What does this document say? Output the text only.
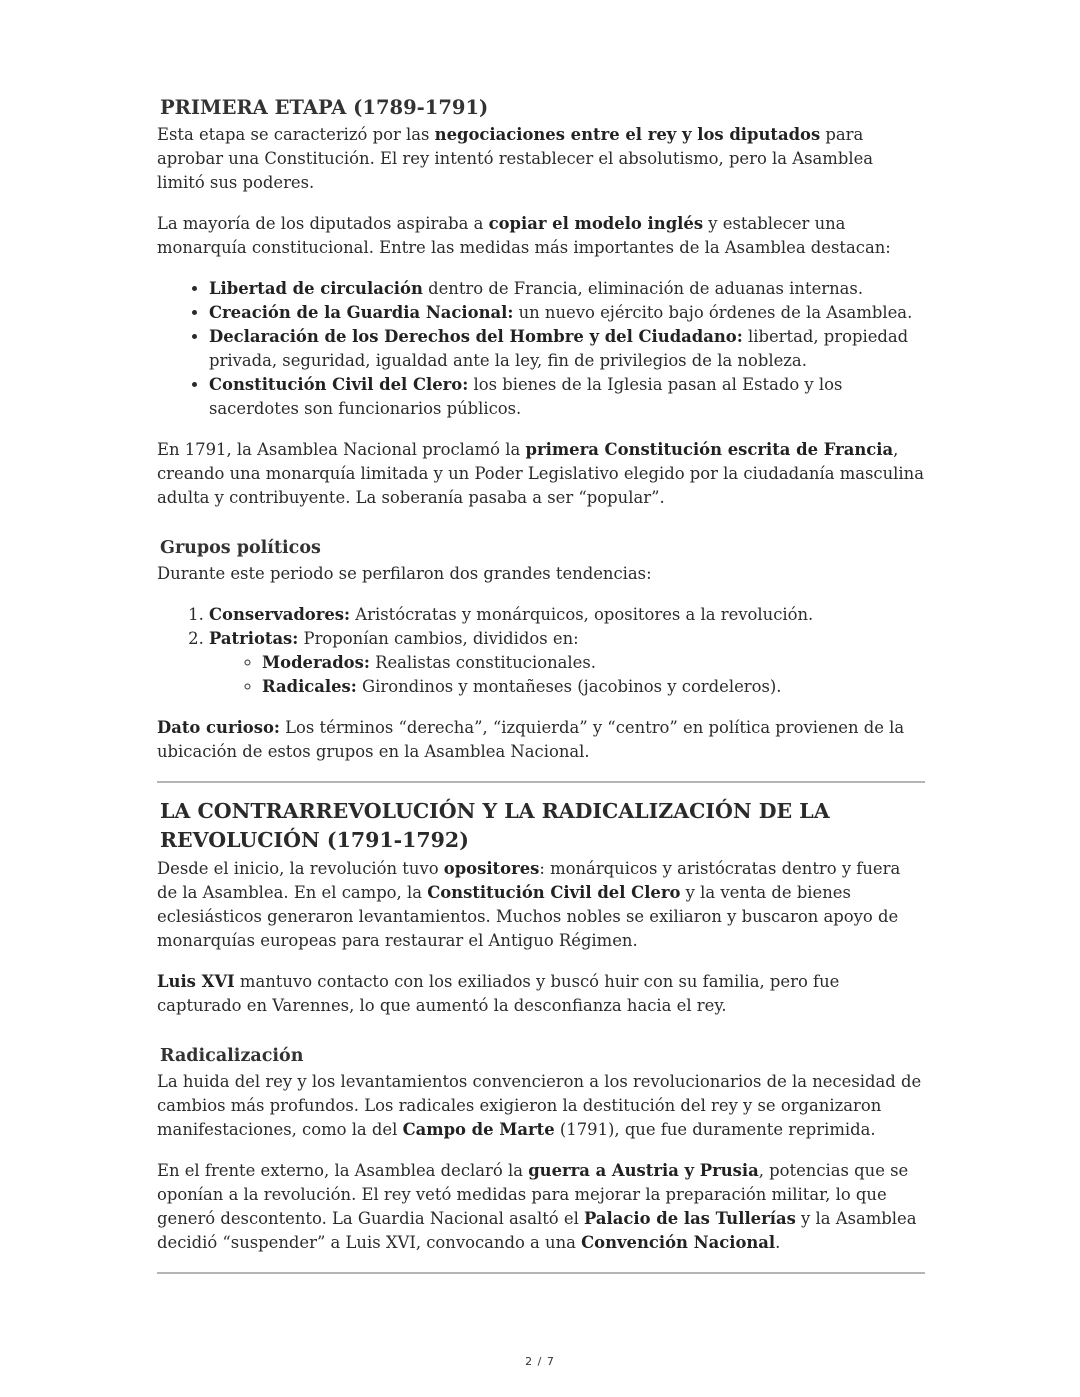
PRIMERA ETAPA (1789-1791)

Esta etapa se caracterizó por las negociaciones entre el rey y los diputados para aprobar una Constitución. El rey intentó restablecer el absolutismo, pero la Asamblea limitó sus poderes.

La mayoría de los diputados aspiraba a copiar el modelo inglés y establecer una monarquía constitucional. Entre las medidas más importantes de la Asamblea destacan:

• Libertad de circulación dentro de Francia, eliminación de aduanas internas.
• Creación de la Guardia Nacional: un nuevo ejército bajo órdenes de la Asamblea.
• Declaración de los Derechos del Hombre y del Ciudadano: libertad, propiedad privada, seguridad, igualdad ante la ley, fin de privilegios de la nobleza.
• Constitución Civil del Clero: los bienes de la Iglesia pasan al Estado y los sacerdotes son funcionarios públicos.

En 1791, la Asamblea Nacional proclamó la primera Constitución escrita de Francia, creando una monarquía limitada y un Poder Legislativo elegido por la ciudadanía masculina adulta y contribuyente. La soberanía pasaba a ser “popular”.

Grupos políticos

Durante este periodo se perfilaron dos grandes tendencias:

1. Conservadores: Aristócratas y monárquicos, opositores a la revolución.
2. Patriotas: Proponían cambios, divididos en:
◦ Moderados: Realistas constitucionales.
◦ Radicales: Girondinos y montañeses (jacobinos y cordeleros).

Dato curioso: Los términos “derecha”, “izquierda” y “centro” en política provienen de la ubicación de estos grupos en la Asamblea Nacional.

LA CONTRARREVOLUCIÓN Y LA RADICALIZACIÓN DE LA REVOLUCIÓN (1791-1792)

Desde el inicio, la revolución tuvo opositores: monárquicos y aristócratas dentro y fuera de la Asamblea. En el campo, la Constitución Civil del Clero y la venta de bienes eclesiásticos generaron levantamientos. Muchos nobles se exiliaron y buscaron apoyo de monarquías europeas para restaurar el Antiguo Régimen.

Luis XVI mantuvo contacto con los exiliados y buscó huir con su familia, pero fue capturado en Varennes, lo que aumentó la desconfianza hacia el rey.

Radicalización

La huida del rey y los levantamientos convencieron a los revolucionarios de la necesidad de cambios más profundos. Los radicales exigieron la destitución del rey y se organizaron manifestaciones, como la del Campo de Marte (1791), que fue duramente reprimida.

En el frente externo, la Asamblea declaró la guerra a Austria y Prusia, potencias que se oponían a la revolución. El rey vetó medidas para mejorar la preparación militar, lo que generó descontento. La Guardia Nacional asaltó el Palacio de las Tullerías y la Asamblea decidió “suspender” a Luis XVI, convocando a una Convención Nacional.

2 / 7
